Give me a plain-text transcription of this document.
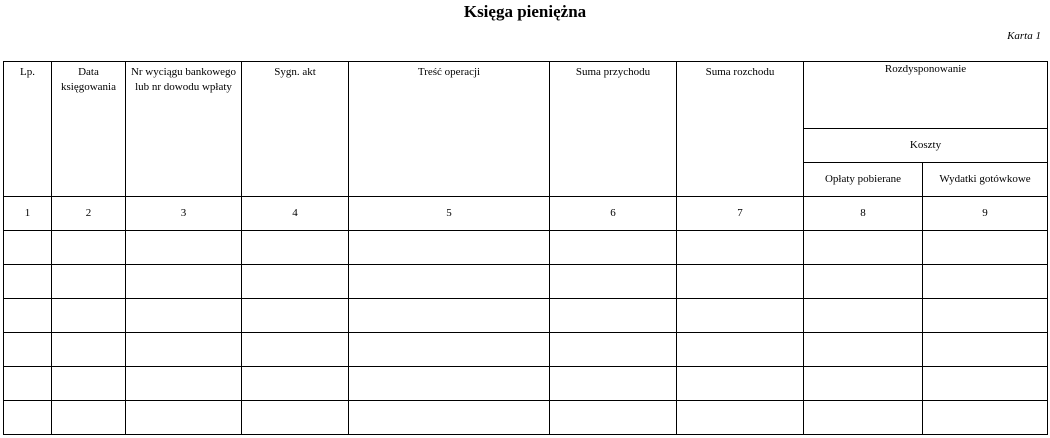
Księga pieniężna
Karta 1
Lp.	Data księgowania	Nr wyciągu bankowego lub nr dowodu wpłaty	Sygn. akt	Treść operacji	Suma przychodu	Suma rozchodu	Rozdysponowanie	
							Koszty	
							Opłaty pobierane	Wydatki gotówkowe
1	2	3	4	5	6	7	8	9
